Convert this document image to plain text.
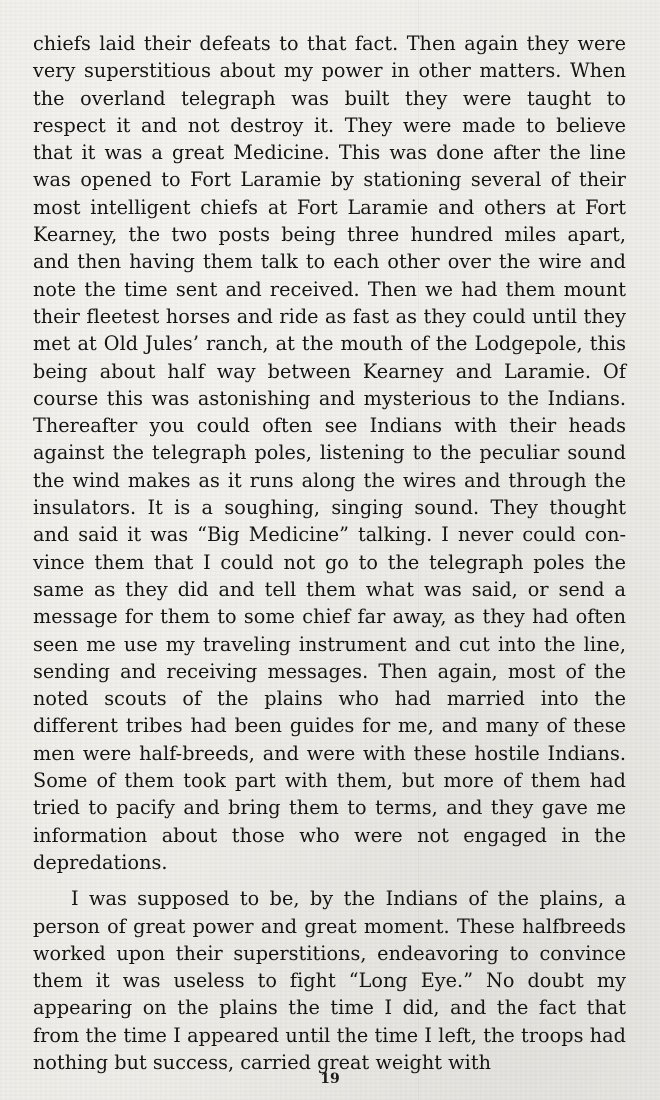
chiefs laid their defeats to that fact. Then again they were very superstitious about my power in other matters. When the overland telegraph was built they were taught to respect it and not destroy it. They were made to believe that it was a great Medicine. This was done after the line was opened to Fort Laramie by stationing several of their most intelligent chiefs at Fort Laramie and others at Fort Kearney, the two posts being three hundred miles apart, and then having them talk to each other over the wire and note the time sent and received. Then we had them mount their fleetest horses and ride as fast as they could until they met at Old Jules’ ranch, at the mouth of the Lodgepole, this being about half way between Kearney and Laramie. Of course this was astonishing and mysterious to the Indians. Thereafter you could often see Indians with their heads against the telegraph poles, listening to the peculiar sound the wind makes as it runs along the wires and through the insulators. It is a soughing, singing sound. They thought and said it was “Big Medicine” talking. I never could convince them that I could not go to the telegraph poles the same as they did and tell them what was said, or send a message for them to some chief far away, as they had often seen me use my traveling instrument and cut into the line, sending and receiving messages. Then again, most of the noted scouts of the plains who had married into the different tribes had been guides for me, and many of these men were half-breeds, and were with these hostile Indians. Some of them took part with them, but more of them had tried to pacify and bring them to terms, and they gave me information about those who were not engaged in the depredations.

I was supposed to be, by the Indians of the plains, a person of great power and great moment. These halfbreeds worked upon their superstitions, endeavoring to convince them it was useless to fight “Long Eye.” No doubt my appearing on the plains the time I did, and the fact that from the time I appeared until the time I left, the troops had nothing but success, carried great weight with

19
